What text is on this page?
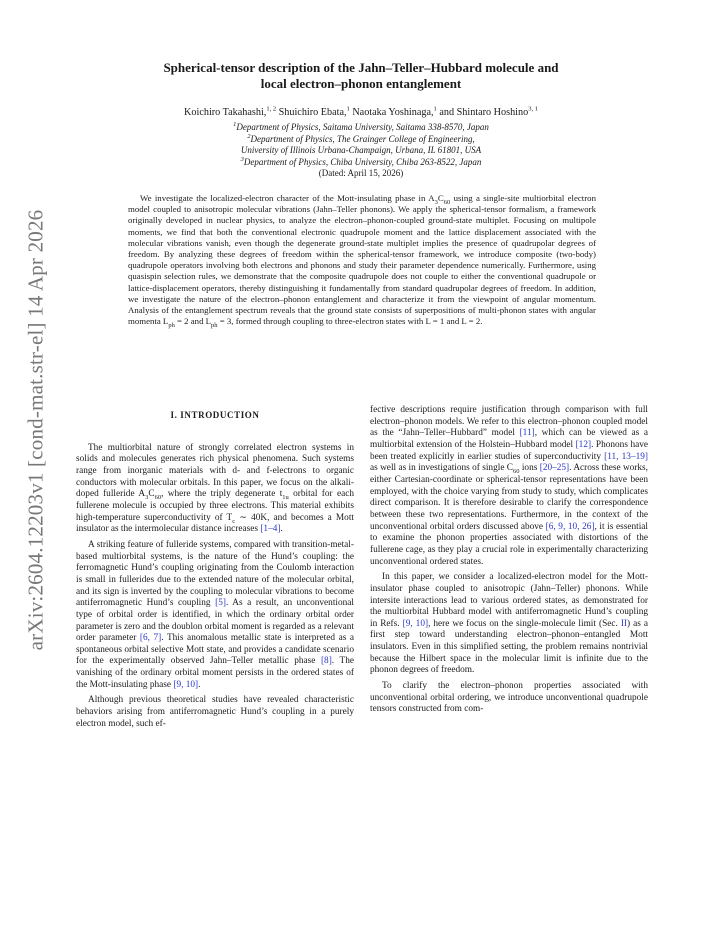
arXiv:2604.12203v1 [cond-mat.str-el] 14 Apr 2026
Spherical-tensor description of the Jahn–Teller–Hubbard molecule and
local electron–phonon entanglement
Koichiro Takahashi,$^{1, 2}$ Shuichiro Ebata,$^1$ Naotaka Yoshinaga,$^1$ and Shintaro Hoshino$^{3, 1}$
$^1$Department of Physics, Saitama University, Saitama 338-8570, Japan
$^2$Department of Physics, The Grainger College of Engineering,
University of Illinois Urbana-Champaign, Urbana, IL 61801, USA
$^3$Department of Physics, Chiba University, Chiba 263-8522, Japan
(Dated: April 15, 2026)

We investigate the localized-electron character of the Mott-insulating phase in $A_3C_{60}$ using a single-site multiorbital electron model coupled to anisotropic molecular vibrations (Jahn–Teller phonons). We apply the spherical-tensor formalism, a framework originally developed in nuclear physics, to analyze the electron–phonon-coupled ground-state multiplet. Focusing on multipole moments, we find that both the conventional electronic quadrupole moment and the lattice displacement associated with the molecular vibrations vanish, even though the degenerate ground-state multiplet implies the presence of quadrupolar degrees of freedom. By analyzing these degrees of freedom within the spherical-tensor framework, we introduce composite (two-body) quadrupole operators involving both electrons and phonons and study their parameter dependence numerically. Furthermore, using quasispin selection rules, we demonstrate that the composite quadrupole does not couple to either the conventional quadrupole or lattice-displacement operators, thereby distinguishing it fundamentally from standard quadrupolar degrees of freedom. In addition, we investigate the nature of the electron–phonon entanglement and characterize it from the viewpoint of angular momentum. Analysis of the entanglement spectrum reveals that the ground state consists of superpositions of multi-phonon states with angular momenta $L_{ph} = 2$ and $L_{ph} = 3$, formed through coupling to three-electron states with L = 1 and L = 2.

I. INTRODUCTION

The multiorbital nature of strongly correlated electron systems in solids and molecules generates rich physical phenomena. Such systems range from inorganic materials with d- and f-electrons to organic conductors with molecular orbitals. In this paper, we focus on the alkali-doped fulleride $A_3C_{60}$, where the triply degenerate $t_{1u}$ orbital for each fullerene molecule is occupied by three electrons. This material exhibits high-temperature superconductivity of $T_c$ ∼ 40K, and becomes a Mott insulator as the intermolecular distance increases [1–4].

A striking feature of fulleride systems, compared with transition-metal-based multiorbital systems, is the nature of the Hund’s coupling: the ferromagnetic Hund’s coupling originating from the Coulomb interaction is small in fullerides due to the extended nature of the molecular orbital, and its sign is inverted by the coupling to molecular vibrations to become antiferromagnetic Hund’s coupling [5]. As a result, an unconventional type of orbital order is identified, in which the ordinary orbital order parameter is zero and the doublon orbital moment is regarded as a relevant order parameter [6, 7]. This anomalous metallic state is interpreted as a spontaneous orbital selective Mott state, and provides a candidate scenario for the experimentally observed Jahn–Teller metallic phase [8]. The vanishing of the ordinary orbital moment persists in the ordered states of the Mott-insulating phase [9, 10].

Although previous theoretical studies have revealed characteristic behaviors arising from antiferromagnetic Hund’s coupling in a purely electron model, such ef-

fective descriptions require justification through comparison with full electron–phonon models. We refer to this electron–phonon coupled model as the “Jahn–Teller–Hubbard” model [11], which can be viewed as a multiorbital extension of the Holstein–Hubbard model [12]. Phonons have been treated explicitly in earlier studies of superconductivity [11, 13–19] as well as in investigations of single $C_{60}$ ions [20–25]. Across these works, either Cartesian-coordinate or spherical-tensor representations have been employed, with the choice varying from study to study, which complicates direct comparison. It is therefore desirable to clarify the correspondence between these two representations. Furthermore, in the context of the unconventional orbital orders discussed above [6, 9, 10, 26], it is essential to examine the phonon properties associated with distortions of the fullerene cage, as they play a crucial role in experimentally characterizing unconventional ordered states.

In this paper, we consider a localized-electron model for the Mott-insulator phase coupled to anisotropic (Jahn–Teller) phonons. While intersite interactions lead to various ordered states, as demonstrated for the multiorbital Hubbard model with antiferromagnetic Hund’s coupling in Refs. [9, 10], here we focus on the single-molecule limit (Sec. II) as a first step toward understanding electron–phonon–entangled Mott insulators. Even in this simplified setting, the problem remains nontrivial because the Hilbert space in the molecular limit is infinite due to the phonon degrees of freedom.

To clarify the electron–phonon properties associated with unconventional orbital ordering, we introduce unconventional quadrupole tensors constructed from com-
